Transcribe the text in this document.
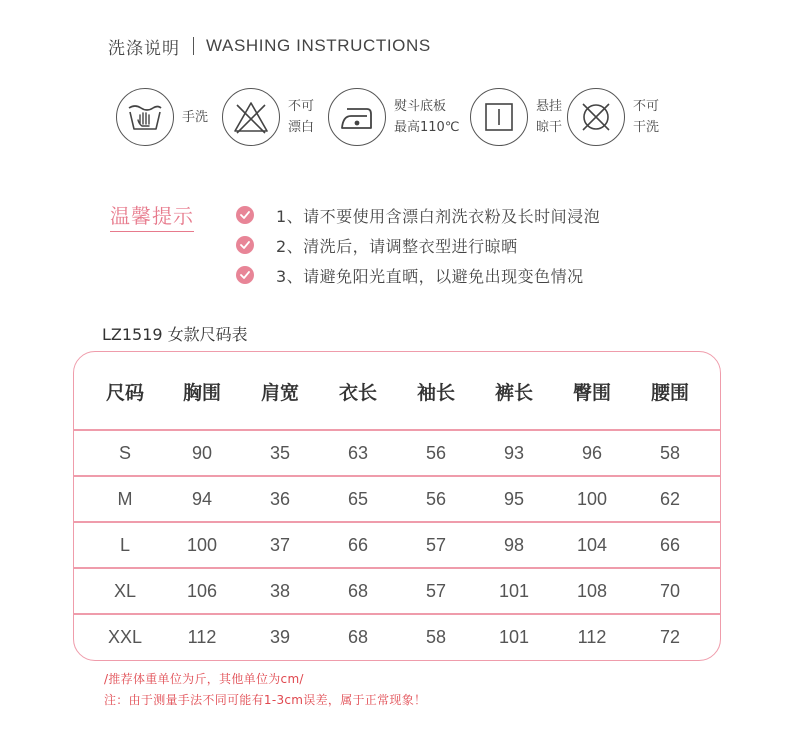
洗涤说明 WASHING INSTRUCTIONS
手洗
不可
漂白
熨斗底板
最高110℃
悬挂
晾干
不可
干洗
温馨提示	1、请不要使用含漂白剂洗衣粉及长时间浸泡
2、清洗后，请调整衣型进行晾晒
3、请避免阳光直晒，以避免出现变色情况
LZ1519 女款尺码表
尺码	胸围	肩宽	衣长	袖长	裤长	臀围	腰围
S	90	35	63	56	93	96	58
M	94	36	65	56	95	100	62
L	100	37	66	57	98	104	66
XL	106	38	68	57	101	108	70
XXL	112	39	68	58	101	112	72
/推荐体重单位为斤，其他单位为cm/
注：由于测量手法不同可能有1-3cm误差，属于正常现象！
